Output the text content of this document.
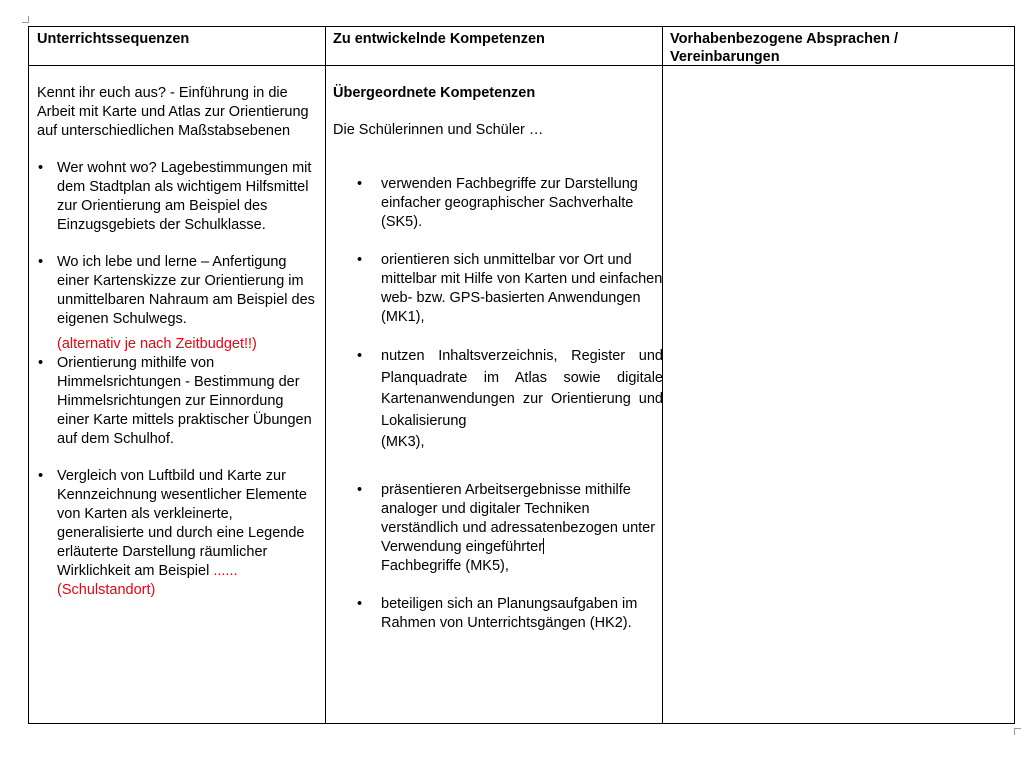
Unterrichtssequenzen	Zu entwickelnde Kompetenzen	Vorhabenbezogene Absprachen / Vereinbarungen
Kennt ihr euch aus? - Einführung in die Arbeit mit Karte und Atlas zur Orientierung auf unterschiedlichen Maßstabsebenen
• Wer wohnt wo? Lagebestimmungen mit dem Stadtplan als wichtigem Hilfsmittel zur Orientierung am Beispiel des Einzugsgebiets der Schulklasse.
• Wo ich lebe und lerne – Anfertigung einer Kartenskizze zur Orientierung im unmittelbaren Nahraum am Beispiel des eigenen Schulwegs.
(alternativ je nach Zeitbudget!!)
• Orientierung mithilfe von Himmelsrichtungen - Bestimmung der Himmelsrichtungen zur Einnordung einer Karte mittels praktischer Übungen auf dem Schulhof.
• Vergleich von Luftbild und Karte zur Kennzeichnung wesentlicher Elemente von Karten als verkleinerte, generalisierte und durch eine Legende erläuterte Darstellung räumlicher Wirklichkeit am Beispiel ...... (Schulstandort)
Übergeordnete Kompetenzen
Die Schülerinnen und Schüler …
• verwenden Fachbegriffe zur Darstellung einfacher geographischer Sachverhalte (SK5).
• orientieren sich unmittelbar vor Ort und mittelbar mit Hilfe von Karten und einfachen web- bzw. GPS-basierten Anwendungen (MK1),
• nutzen Inhaltsverzeichnis, Register und Planquadrate im Atlas sowie digitale Kartenanwendungen zur Orientierung und Lokalisierung
(MK3),
• präsentieren Arbeitsergebnisse mithilfe analoger und digitaler Techniken verständlich und adressatenbezogen unter Verwendung eingeführter
Fachbegriffe (MK5),
• beteiligen sich an Planungsaufgaben im Rahmen von Unterrichtsgängen (HK2).
